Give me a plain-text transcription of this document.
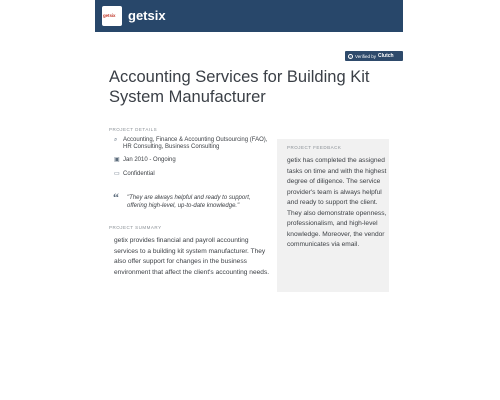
getsix getsix
✓ Verified by Clutch
Accounting Services for Building Kit System Manufacturer
PROJECT DETAILS
⌕ Accounting, Finance & Accounting Outsourcing (FAO), HR Consulting, Business Consulting
▣ Jan 2010 - Ongoing
▭ Confidential
“ "They are always helpful and ready to support, offering high-level, up-to-date knowledge."
PROJECT SUMMARY
getix provides financial and payroll accounting services to a building kit system manufacturer. They also offer support for changes in the business environment that affect the client's accounting needs.
PROJECT FEEDBACK
getix has completed the assigned tasks on time and with the highest degree of diligence. The service provider's team is always helpful and ready to support the client. They also demonstrate openness, professionalism, and high-level knowledge. Moreover, the vendor communicates via email.
